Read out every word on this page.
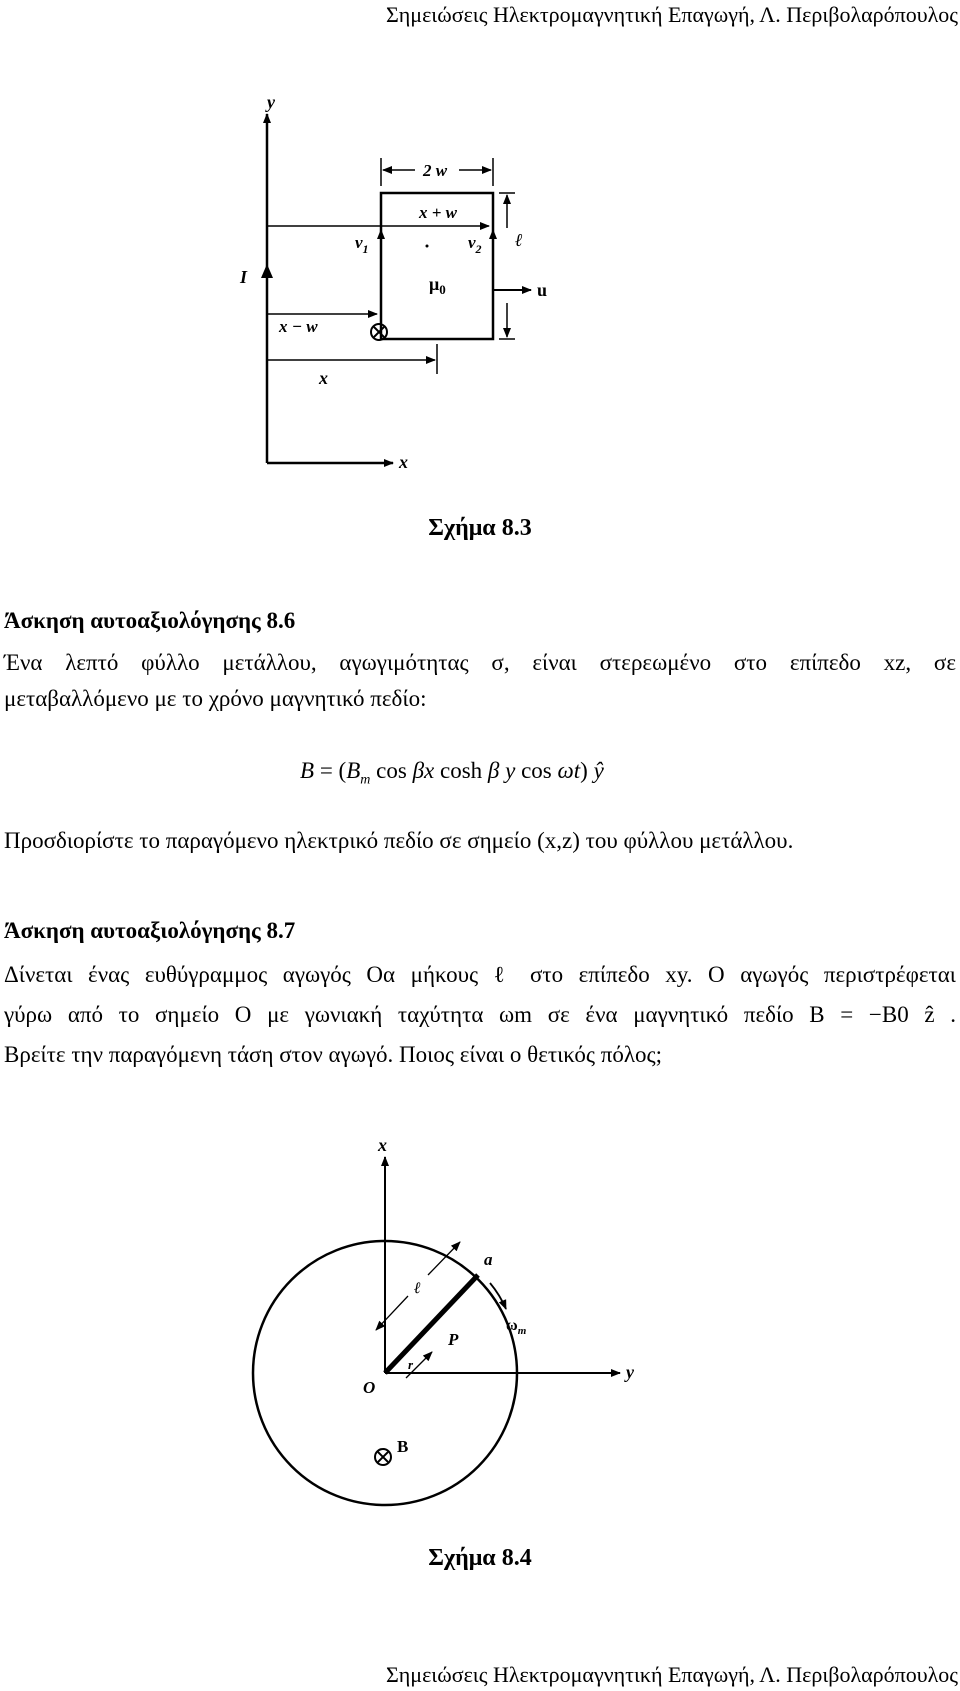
Σημειώσεις Ηλεκτρομαγνητική Επαγωγή, Λ. Περιβολαρόπουλος
y
x
I
2 w
x + w
$v_1$	$v_2$ ℓ
$\mu_0$	u
x − w
x
Σχήμα 8.3
Άσκηση αυτοαξιολόγησης 8.6
Ένα λεπτό φύλλο μετάλλου, αγωγιμότητας σ, είναι στερεωμένο στο επίπεδο xz, σε
μεταβαλλόμενο με το χρόνο μαγνητικό πεδίο:
$B = (B_m$ cos βx cosh β y cos ωt) ŷ
Προσδιορίστε το παραγόμενο ηλεκτρικό πεδίο σε σημείο (x,z) του φύλλου μετάλλου.
Άσκηση αυτοαξιολόγησης 8.7
Δίνεται ένας ευθύγραμμος αγωγός Οα μήκους ℓ στο επίπεδο xy. Ο αγωγός περιστρέφεται
γύρω από το σημείο O με γωνιακή ταχύτητα ωm σε ένα μαγνητικό πεδίο B = −B0 ẑ .
Βρείτε την παραγόμενη τάση στον αγωγό. Ποιος είναι ο θετικός πόλος;
x
y
a
$\omega_m$
ℓ
P
r
O
B
Σχήμα 8.4
Σημειώσεις Ηλεκτρομαγνητική Επαγωγή, Λ. Περιβολαρόπουλος
